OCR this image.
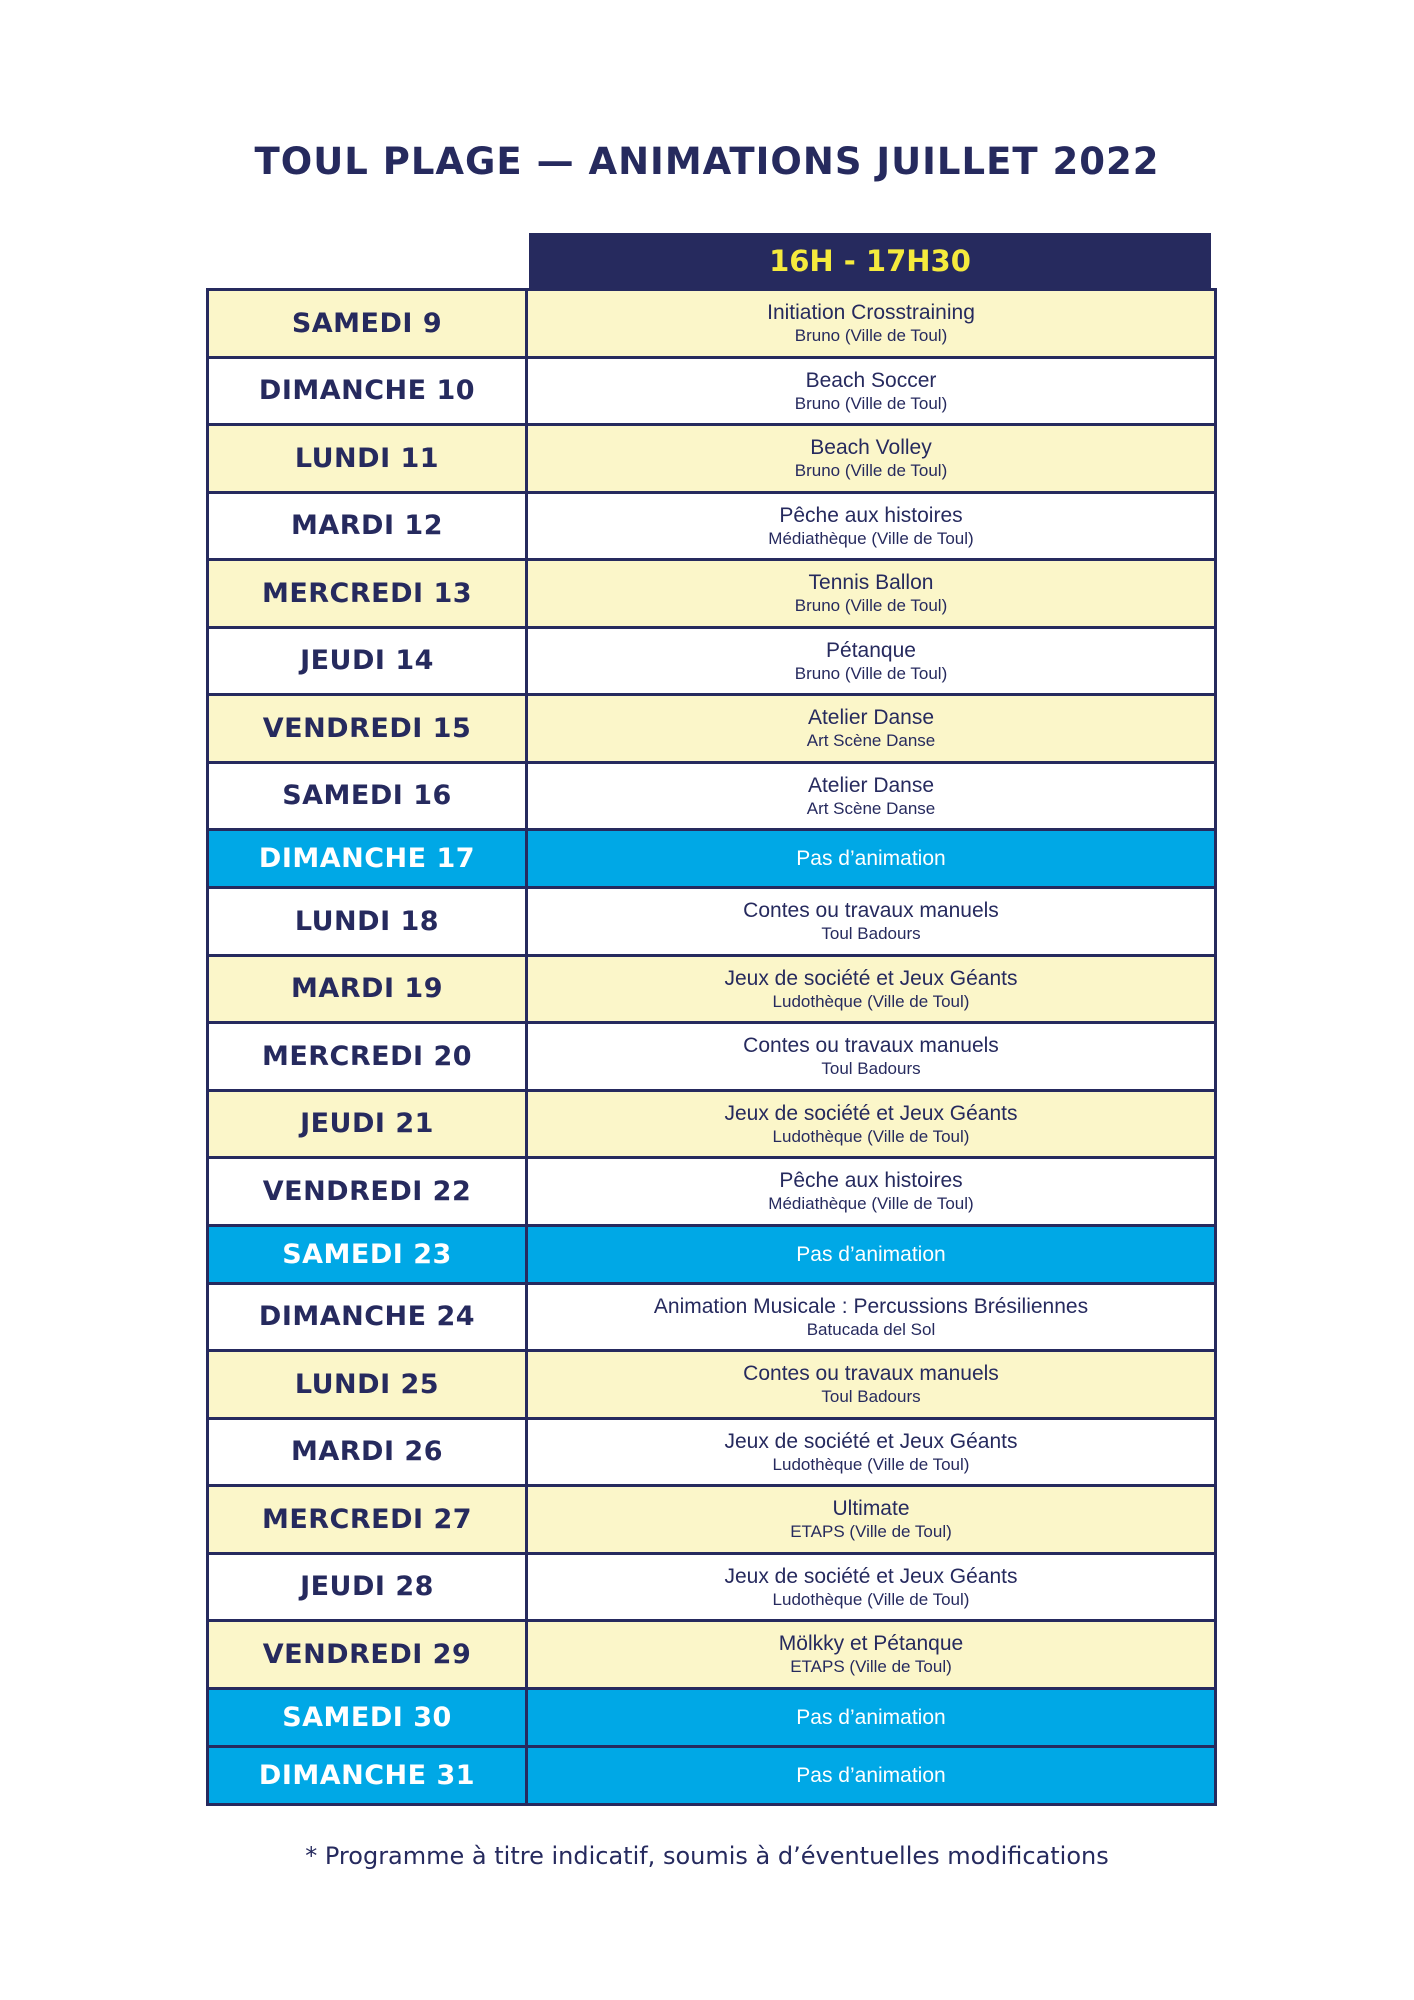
TOUL PLAGE — ANIMATIONS JUILLET 2022
16H - 17H30
SAMEDI 9	Initiation Crosstraining
Bruno (Ville de Toul)

DIMANCHE 10	Beach Soccer
Bruno (Ville de Toul)

LUNDI 11	Beach Volley
Bruno (Ville de Toul)

MARDI 12	Pêche aux histoires
Médiathèque (Ville de Toul)

MERCREDI 13	Tennis Ballon
Bruno (Ville de Toul)

JEUDI 14	Pétanque
Bruno (Ville de Toul)

VENDREDI 15	Atelier Danse
Art Scène Danse

SAMEDI 16	Atelier Danse
Art Scène Danse

DIMANCHE 17	Pas d’animation

LUNDI 18	Contes ou travaux manuels
Toul Badours

MARDI 19	Jeux de société et Jeux Géants
Ludothèque (Ville de Toul)

MERCREDI 20	Contes ou travaux manuels
Toul Badours

JEUDI 21	Jeux de société et Jeux Géants
Ludothèque (Ville de Toul)

VENDREDI 22	Pêche aux histoires
Médiathèque (Ville de Toul)

SAMEDI 23	Pas d’animation

DIMANCHE 24	Animation Musicale : Percussions Brésiliennes
Batucada del Sol

LUNDI 25	Contes ou travaux manuels
Toul Badours

MARDI 26	Jeux de société et Jeux Géants
Ludothèque (Ville de Toul)

MERCREDI 27	Ultimate
ETAPS (Ville de Toul)

JEUDI 28	Jeux de société et Jeux Géants
Ludothèque (Ville de Toul)

VENDREDI 29	Mölkky et Pétanque
ETAPS (Ville de Toul)

SAMEDI 30	Pas d’animation

DIMANCHE 31	Pas d’animation
* Programme à titre indicatif, soumis à d’éventuelles modifications
